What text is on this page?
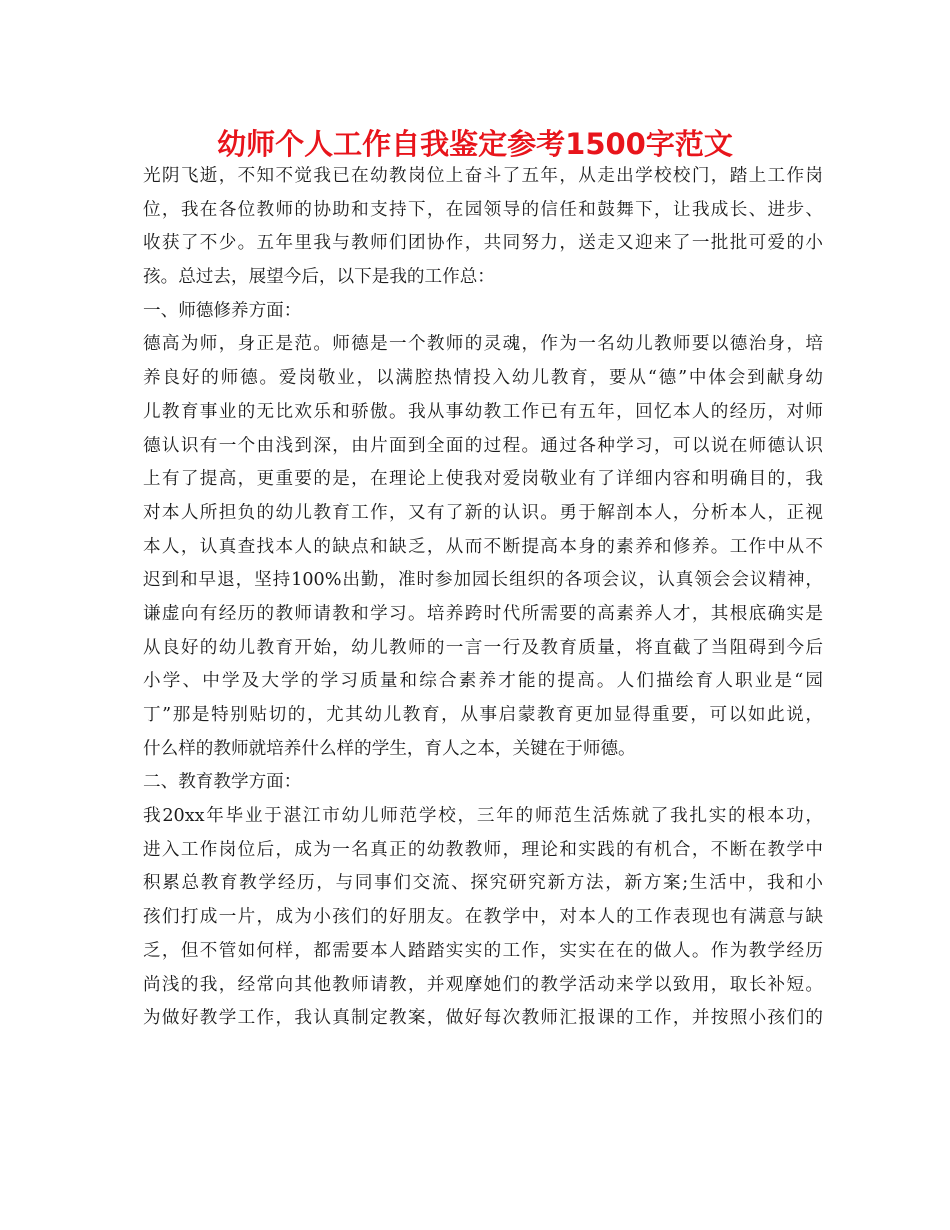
幼师个人工作自我鉴定参考1500字范文
光阴飞逝，不知不觉我已在幼教岗位上奋斗了五年，从走出学校校门，踏上工作岗
位，我在各位教师的协助和支持下，在园领导的信任和鼓舞下，让我成长、进步、
收获了不少。五年里我与教师们团协作，共同努力，送走又迎来了一批批可爱的小
孩。总过去，展望今后，以下是我的工作总：
一、师德修养方面：
德高为师，身正是范。师德是一个教师的灵魂，作为一名幼儿教师要以德治身，培
养良好的师德。爱岗敬业，以满腔热情投入幼儿教育，要从“德”中体会到献身幼
儿教育事业的无比欢乐和骄傲。我从事幼教工作已有五年，回忆本人的经历，对师
德认识有一个由浅到深，由片面到全面的过程。通过各种学习，可以说在师德认识
上有了提高，更重要的是，在理论上使我对爱岗敬业有了详细内容和明确目的，我
对本人所担负的幼儿教育工作，又有了新的认识。勇于解剖本人，分析本人，正视
本人，认真查找本人的缺点和缺乏，从而不断提高本身的素养和修养。工作中从不
迟到和早退，坚持100%出勤，准时参加园长组织的各项会议，认真领会会议精神，
谦虚向有经历的教师请教和学习。培养跨时代所需要的高素养人才，其根底确实是
从良好的幼儿教育开始，幼儿教师的一言一行及教育质量，将直截了当阻碍到今后
小学、中学及大学的学习质量和综合素养才能的提高。人们描绘育人职业是“园
丁”那是特别贴切的，尤其幼儿教育，从事启蒙教育更加显得重要，可以如此说，
什么样的教师就培养什么样的学生，育人之本，关键在于师德。
二、教育教学方面：
我20xx年毕业于湛江市幼儿师范学校，三年的师范生活炼就了我扎实的根本功，
进入工作岗位后，成为一名真正的幼教教师，理论和实践的有机合，不断在教学中
积累总教育教学经历，与同事们交流、探究研究新方法，新方案;生活中，我和小
孩们打成一片，成为小孩们的好朋友。在教学中，对本人的工作表现也有满意与缺
乏，但不管如何样，都需要本人踏踏实实的工作，实实在在的做人。作为教学经历
尚浅的我，经常向其他教师请教，并观摩她们的教学活动来学以致用，取长补短。
为做好教学工作，我认真制定教案，做好每次教师汇报课的工作，并按照小孩们的
